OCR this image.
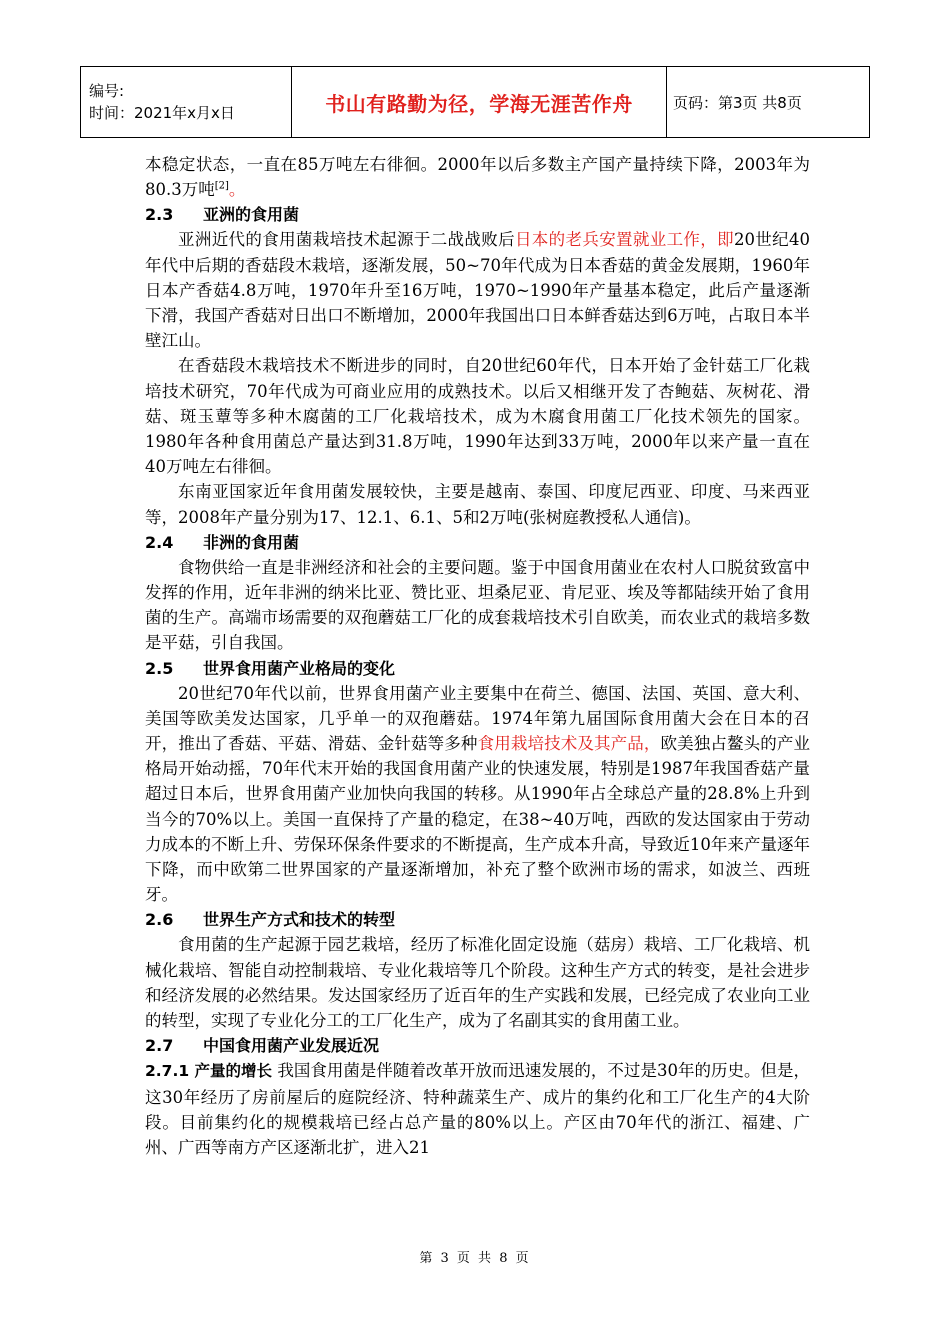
编号:
时间：2021年x月x日	书山有路勤为径，学海无涯苦作舟	页码：第3页 共8页

本稳定状态，一直在85万吨左右徘徊。2000年以后多数主产国产量持续下降，2003年为80.3万吨[2]。

2.3 亚洲的食用菌

亚洲近代的食用菌栽培技术起源于二战战败后日本的老兵安置就业工作，即20世纪40年代中后期的香菇段木栽培，逐渐发展，50~70年代成为日本香菇的黄金发展期，1960年日本产香菇4.8万吨，1970年升至16万吨，1970~1990年产量基本稳定，此后产量逐渐下滑，我国产香菇对日出口不断增加，2000年我国出口日本鲜香菇达到6万吨，占取日本半壁江山。

在香菇段木栽培技术不断进步的同时，自20世纪60年代，日本开始了金针菇工厂化栽培技术研究，70年代成为可商业应用的成熟技术。以后又相继开发了杏鲍菇、灰树花、滑菇、斑玉蕈等多种木腐菌的工厂化栽培技术，成为木腐食用菌工厂化技术领先的国家。1980年各种食用菌总产量达到31.8万吨，1990年达到33万吨，2000年以来产量一直在40万吨左右徘徊。

东南亚国家近年食用菌发展较快，主要是越南、泰国、印度尼西亚、印度、马来西亚等，2008年产量分别为17、12.1、6.1、5和2万吨(张树庭教授私人通信)。

2.4 非洲的食用菌

食物供给一直是非洲经济和社会的主要问题。鉴于中国食用菌业在农村人口脱贫致富中发挥的作用，近年非洲的纳米比亚、赞比亚、坦桑尼亚、肯尼亚、埃及等都陆续开始了食用菌的生产。高端市场需要的双孢蘑菇工厂化的成套栽培技术引自欧美，而农业式的栽培多数是平菇，引自我国。

2.5 世界食用菌产业格局的变化

20世纪70年代以前，世界食用菌产业主要集中在荷兰、德国、法国、英国、意大利、美国等欧美发达国家，几乎单一的双孢蘑菇。1974年第九届国际食用菌大会在日本的召开，推出了香菇、平菇、滑菇、金针菇等多种食用栽培技术及其产品，欧美独占鳌头的产业格局开始动摇，70年代末开始的我国食用菌产业的快速发展，特别是1987年我国香菇产量超过日本后，世界食用菌产业加快向我国的转移。从1990年占全球总产量的28.8%上升到当今的70%以上。美国一直保持了产量的稳定，在38~40万吨，西欧的发达国家由于劳动力成本的不断上升、劳保环保条件要求的不断提高，生产成本升高，导致近10年来产量逐年下降，而中欧第二世界国家的产量逐渐增加，补充了整个欧洲市场的需求，如波兰、西班牙。

2.6 世界生产方式和技术的转型

食用菌的生产起源于园艺栽培，经历了标准化固定设施（菇房）栽培、工厂化栽培、机械化栽培、智能自动控制栽培、专业化栽培等几个阶段。这种生产方式的转变，是社会进步和经济发展的必然结果。发达国家经历了近百年的生产实践和发展，已经完成了农业向工业的转型，实现了专业化分工的工厂化生产，成为了名副其实的食用菌工业。

2.7 中国食用菌产业发展近况

2.7.1 产量的增长 我国食用菌是伴随着改革开放而迅速发展的，不过是30年的历史。但是，这30年经历了房前屋后的庭院经济、特种蔬菜生产、成片的集约化和工厂化生产的4大阶段。目前集约化的规模栽培已经占总产量的80%以上。产区由70年代的浙江、福建、广州、广西等南方产区逐渐北扩，进入21

第 3 页 共 8 页
